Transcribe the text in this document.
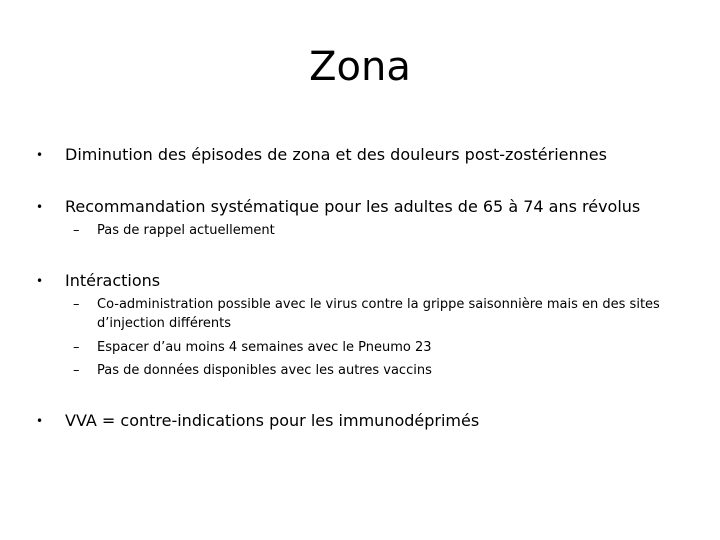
Zona
•	Diminution des épisodes de zona et des douleurs post-zostériennes
•	Recommandation systématique pour les adultes de 65 à 74 ans révolus
– Pas de rappel actuellement
•	Intéractions
– Co-administration possible avec le virus contre la grippe saisonnière mais en des sites d’injection différents
– Espacer d’au moins 4 semaines avec le Pneumo 23
– Pas de données disponibles avec les autres vaccins
•	VVA = contre-indications pour les immunodéprimés
